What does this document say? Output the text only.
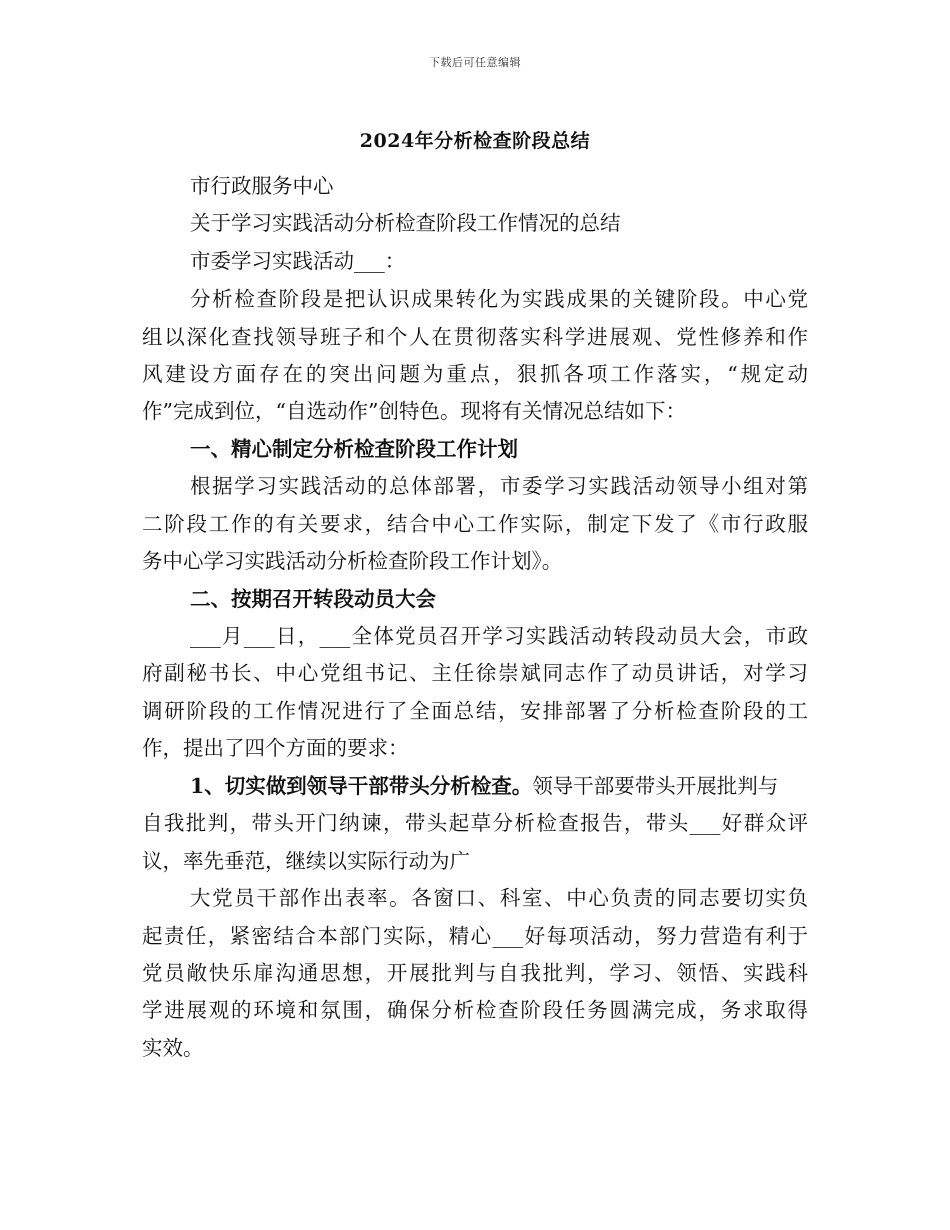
下载后可任意编辑
2024年分析检查阶段总结
市行政服务中心
关于学习实践活动分析检查阶段工作情况的总结
市委学习实践活动___：
分析检查阶段是把认识成果转化为实践成果的关键阶段。中心党
组以深化查找领导班子和个人在贯彻落实科学进展观、党性修养和作
风建设方面存在的突出问题为重点，狠抓各项工作落实，“规定动
作”完成到位，“自选动作”创特色。现将有关情况总结如下：
一、精心制定分析检查阶段工作计划
根据学习实践活动的总体部署，市委学习实践活动领导小组对第
二阶段工作的有关要求，结合中心工作实际，制定下发了《市行政服
务中心学习实践活动分析检查阶段工作计划》。
二、按期召开转段动员大会
___月___日，___全体党员召开学习实践活动转段动员大会，市政
府副秘书长、中心党组书记、主任徐崇斌同志作了动员讲话，对学习
调研阶段的工作情况进行了全面总结，安排部署了分析检查阶段的工
作，提出了四个方面的要求：
1、切实做到领导干部带头分析检查。领导干部要带头开展批判与
自我批判，带头开门纳谏，带头起草分析检查报告，带头___好群众评
议，率先垂范，继续以实际行动为广
大党员干部作出表率。各窗口、科室、中心负责的同志要切实负
起责任，紧密结合本部门实际，精心___好每项活动，努力营造有利于
党员敞快乐扉沟通思想，开展批判与自我批判，学习、领悟、实践科
学进展观的环境和氛围，确保分析检查阶段任务圆满完成，务求取得
实效。
